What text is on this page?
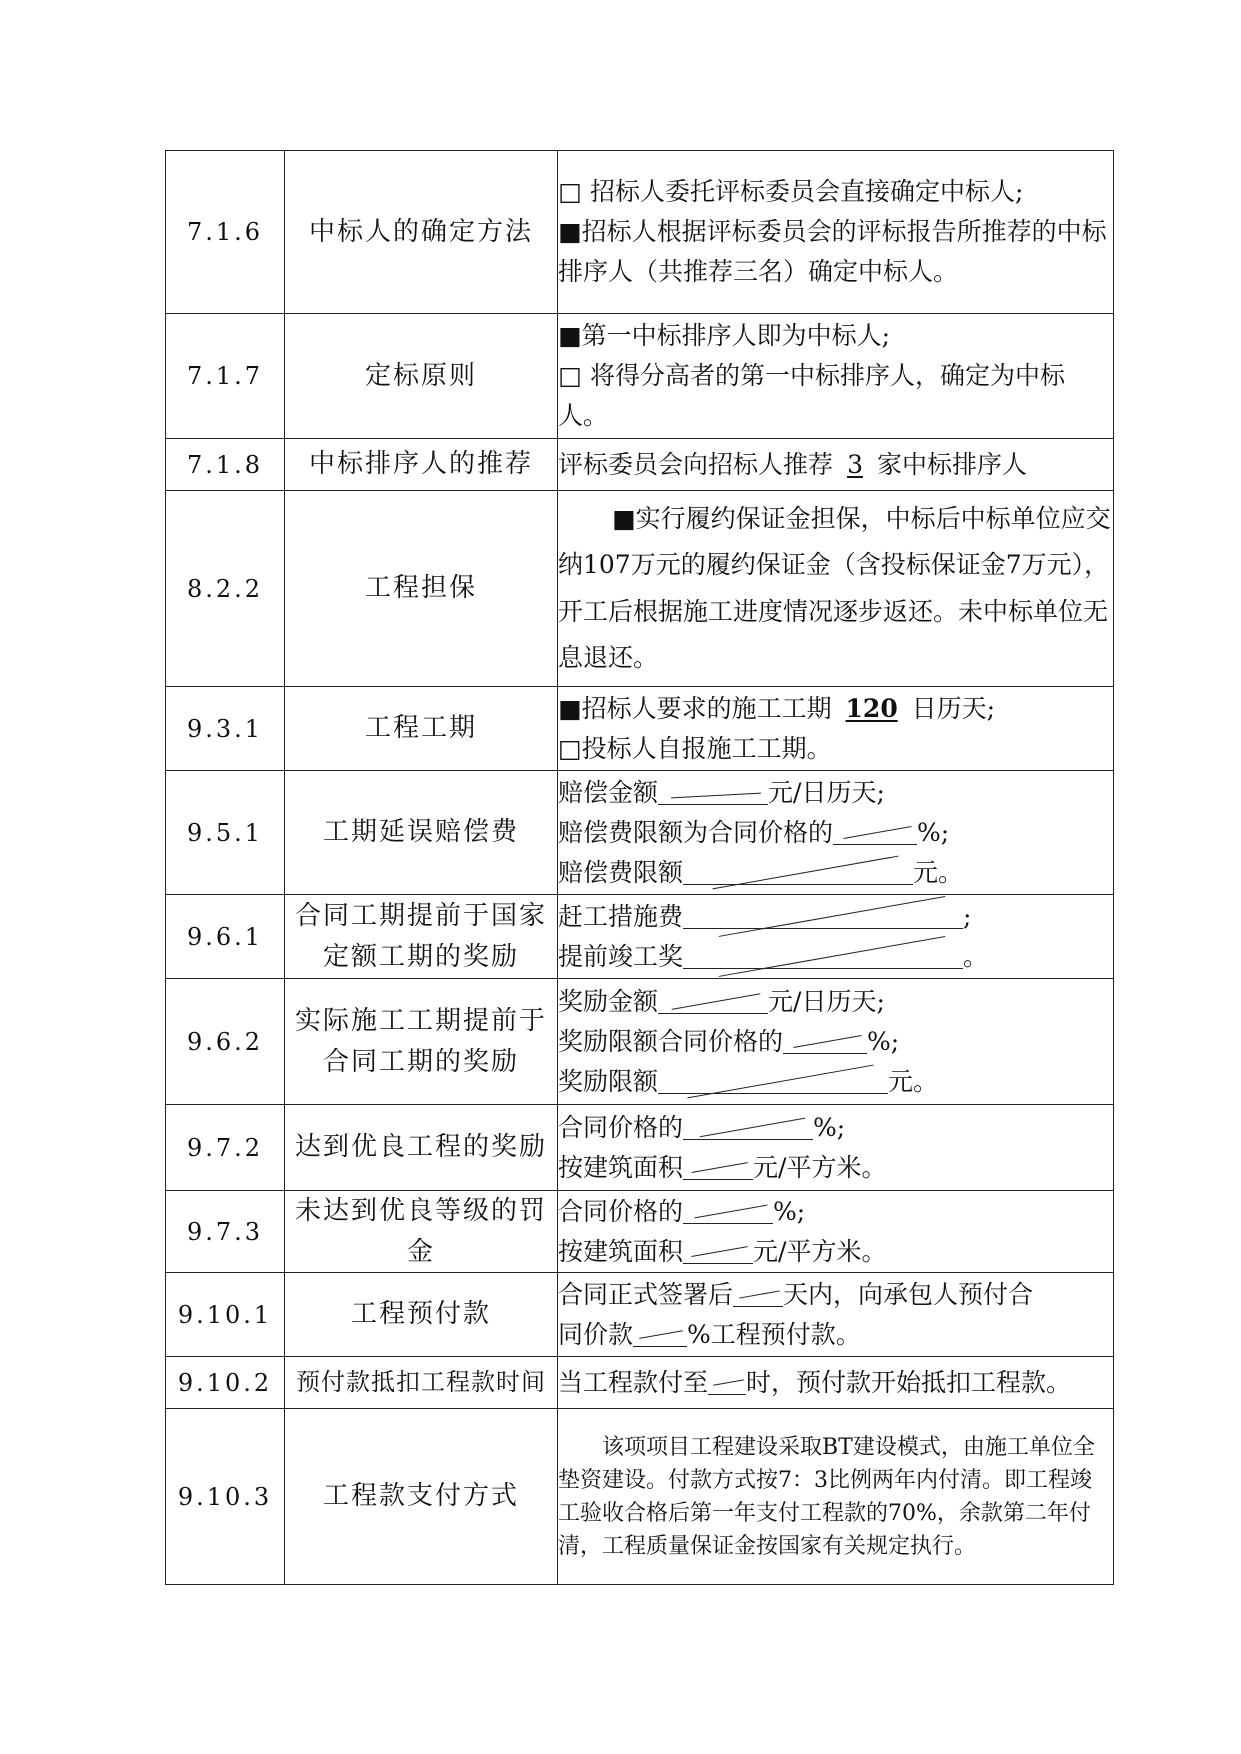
7.1.6	中标人的确定方法	□ 招标人委托评标委员会直接确定中标人;
■招标人根据评标委员会的评标报告所推荐的中标排序人（共推荐三名）确定中标人。

7.1.7	定标原则	■第一中标排序人即为中标人;
□ 将得分高者的第一中标排序人，确定为中标人。

7.1.8	中标排序人的推荐	评标委员会向招标人推荐 3 家中标排序人

8.2.2	工程担保	■实行履约保证金担保，中标后中标单位应交纳107万元的履约保证金（含投标保证金7万元），开工后根据施工进度情况逐步返还。未中标单位无息退还。
9.3.1	工程工期	■招标人要求的施工工期 120 日历天;
□投标人自报施工工期。

9.5.1	工期延误赔偿费	赔偿金额 元/日历天;
赔偿费限额为合同价格的 %;
赔偿费限额 元。

9.6.1	合同工期提前于国家定额工期的奖励	赶工措施费 ;
提前竣工奖 。

9.6.2	实际施工工期提前于合同工期的奖励	奖励金额 元/日历天;
奖励限额合同价格的 %;
奖励限额 元。

9.7.2	达到优良工程的奖励	合同价格的 %;
按建筑面积 元/平方米。

9.7.3	未达到优良等级的罚金	合同价格的 %;
按建筑面积 元/平方米。

9.10.1	工程预付款	合同正式签署后 天内，向承包人预付合
同价款 %工程预付款。

9.10.2	预付款抵扣工程款时间	当工程款付至 时，预付款开始抵扣工程款。

9.10.3	工程款支付方式	该项项目工程建设采取BT建设模式，由施工单位全垫资建设。付款方式按7：3比例两年内付清。即工程竣工验收合格后第一年支付工程款的70%，余款第二年付清，工程质量保证金按国家有关规定执行。
